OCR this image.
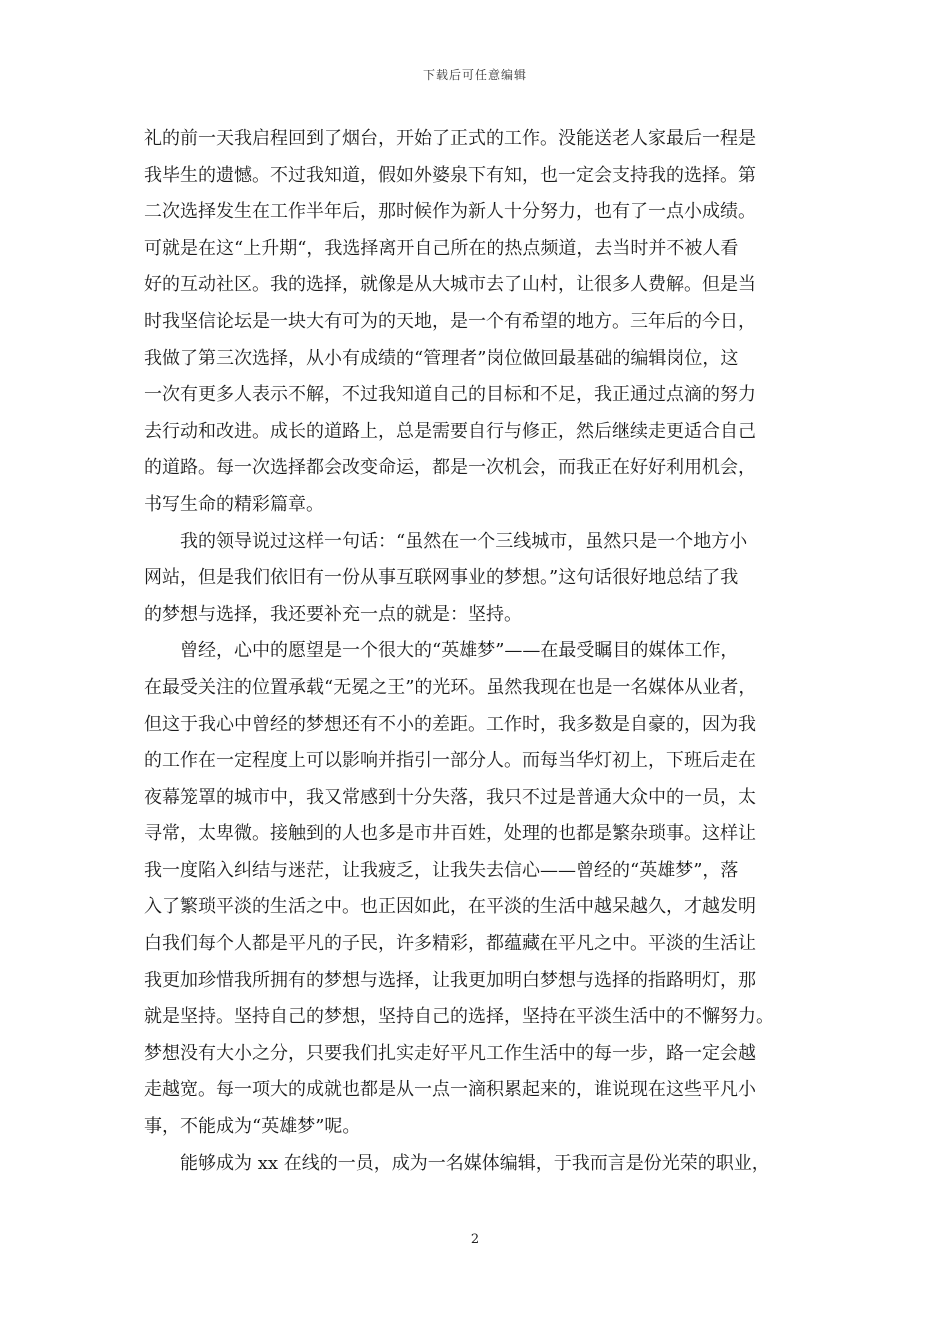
下载后可任意编辑
礼的前一天我启程回到了烟台，开始了正式的工作。没能送老人家最后一程是
我毕生的遗憾。不过我知道，假如外婆泉下有知，也一定会支持我的选择。第
二次选择发生在工作半年后，那时候作为新人十分努力，也有了一点小成绩。
可就是在这“上升期“，我选择离开自己所在的热点频道，去当时并不被人看
好的互动社区。我的选择，就像是从大城市去了山村，让很多人费解。但是当
时我坚信论坛是一块大有可为的天地，是一个有希望的地方。三年后的今日，
我做了第三次选择，从小有成绩的“管理者”岗位做回最基础的编辑岗位，这
一次有更多人表示不解，不过我知道自己的目标和不足，我正通过点滴的努力
去行动和改进。成长的道路上，总是需要自行与修正，然后继续走更适合自己
的道路。每一次选择都会改变命运，都是一次机会，而我正在好好利用机会，
书写生命的精彩篇章。
　　我的领导说过这样一句话：“虽然在一个三线城市，虽然只是一个地方小
网站，但是我们依旧有一份从事互联网事业的梦想。”这句话很好地总结了我
的梦想与选择，我还要补充一点的就是：坚持。
　　曾经，心中的愿望是一个很大的“英雄梦”——在最受瞩目的媒体工作，
在最受关注的位置承载“无冕之王”的光环。虽然我现在也是一名媒体从业者，
但这于我心中曾经的梦想还有不小的差距。工作时，我多数是自豪的，因为我
的工作在一定程度上可以影响并指引一部分人。而每当华灯初上，下班后走在
夜幕笼罩的城市中，我又常感到十分失落，我只不过是普通大众中的一员，太
寻常，太卑微。接触到的人也多是市井百姓，处理的也都是繁杂琐事。这样让
我一度陷入纠结与迷茫，让我疲乏，让我失去信心——曾经的“英雄梦”，落
入了繁琐平淡的生活之中。也正因如此，在平淡的生活中越呆越久，才越发明
白我们每个人都是平凡的子民，许多精彩，都蕴藏在平凡之中。平淡的生活让
我更加珍惜我所拥有的梦想与选择，让我更加明白梦想与选择的指路明灯，那
就是坚持。坚持自己的梦想，坚持自己的选择，坚持在平淡生活中的不懈努力。
梦想没有大小之分，只要我们扎实走好平凡工作生活中的每一步，路一定会越
走越宽。每一项大的成就也都是从一点一滴积累起来的，谁说现在这些平凡小
事，不能成为“英雄梦”呢。
　　能够成为 xx 在线的一员，成为一名媒体编辑，于我而言是份光荣的职业，
2
